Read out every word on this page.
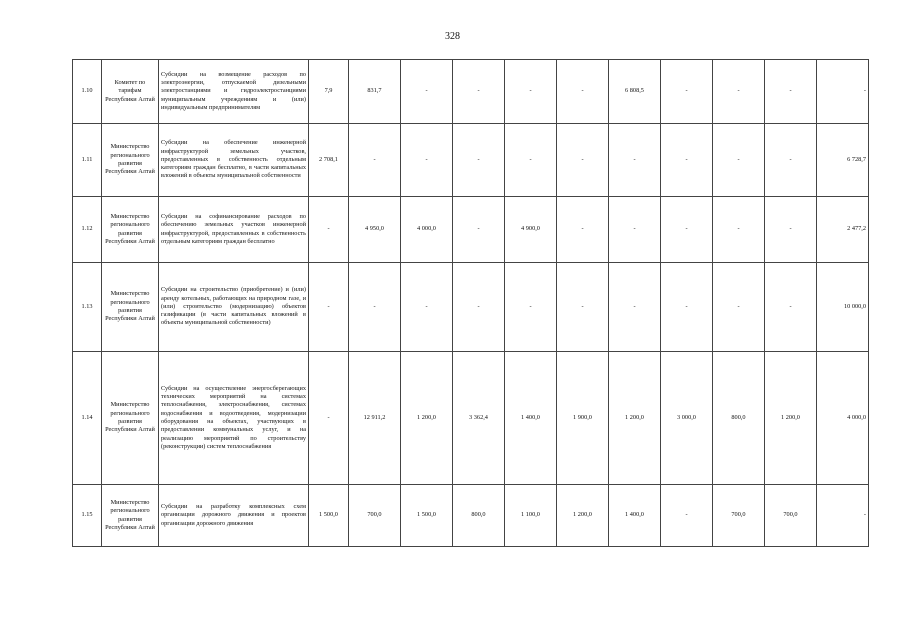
328
1.10	Комитет по тарифам Республики Алтай	Субсидии на возмещение расходов по электроэнергии, отпускаемой дизельными электростанциями и гидроэлектростанциями муниципальным учреждениям и (или) индивидуальным предпринимателям	7,9	831,7	-	-	-	-	6 808,5	-	-	-	-
1.11	Министерство регионального развития Республики Алтай	Субсидии на обеспечение инженерной инфраструктурой земельных участков, предоставленных в собственность отдельным категориям граждан бесплатно, в части капитальных вложений в объекты муниципальной собственности	2 708,1	-	-	-	-	-	-	-	-	-	6 728,7
1.12	Министерство регионального развития Республики Алтай	Субсидии на софинансирование расходов по обеспечению земельных участков инженерной инфраструктурой, предоставленных в собственность отдельным категориям граждан бесплатно	-	4 950,0	4 000,0	-	4 900,0	-	-	-	-	-	2 477,2
1.13	Министерство регионального развития Республики Алтай	Субсидии на строительство (приобретение) и (или) аренду котельных, работающих на природном газе, и (или) строительство (модернизацию) объектов газификации (в части капитальных вложений в объекты муниципальной собственности)	-	-	-	-	-	-	-	-	-	-	10 000,0
1.14	Министерство регионального развития Республики Алтай	Субсидии на осуществление энергосберегающих технических мероприятий на системах теплоснабжения, электроснабжения, системах водоснабжения и водоотведения, модернизации оборудования на объектах, участвующих в предоставлении коммунальных услуг, и на реализацию мероприятий по строительству (реконструкции) систем теплоснабжения	-	12 911,2	1 200,0	3 362,4	1 400,0	1 900,0	1 200,0	3 000,0	800,0	1 200,0	4 000,0
1.15	Министерство регионального развития Республики Алтай	Субсидии на разработку комплексных схем организации дорожного движения и проектов организации дорожного движения	1 500,0	700,0	1 500,0	800,0	1 100,0	1 200,0	1 400,0	-	700,0	700,0	-
